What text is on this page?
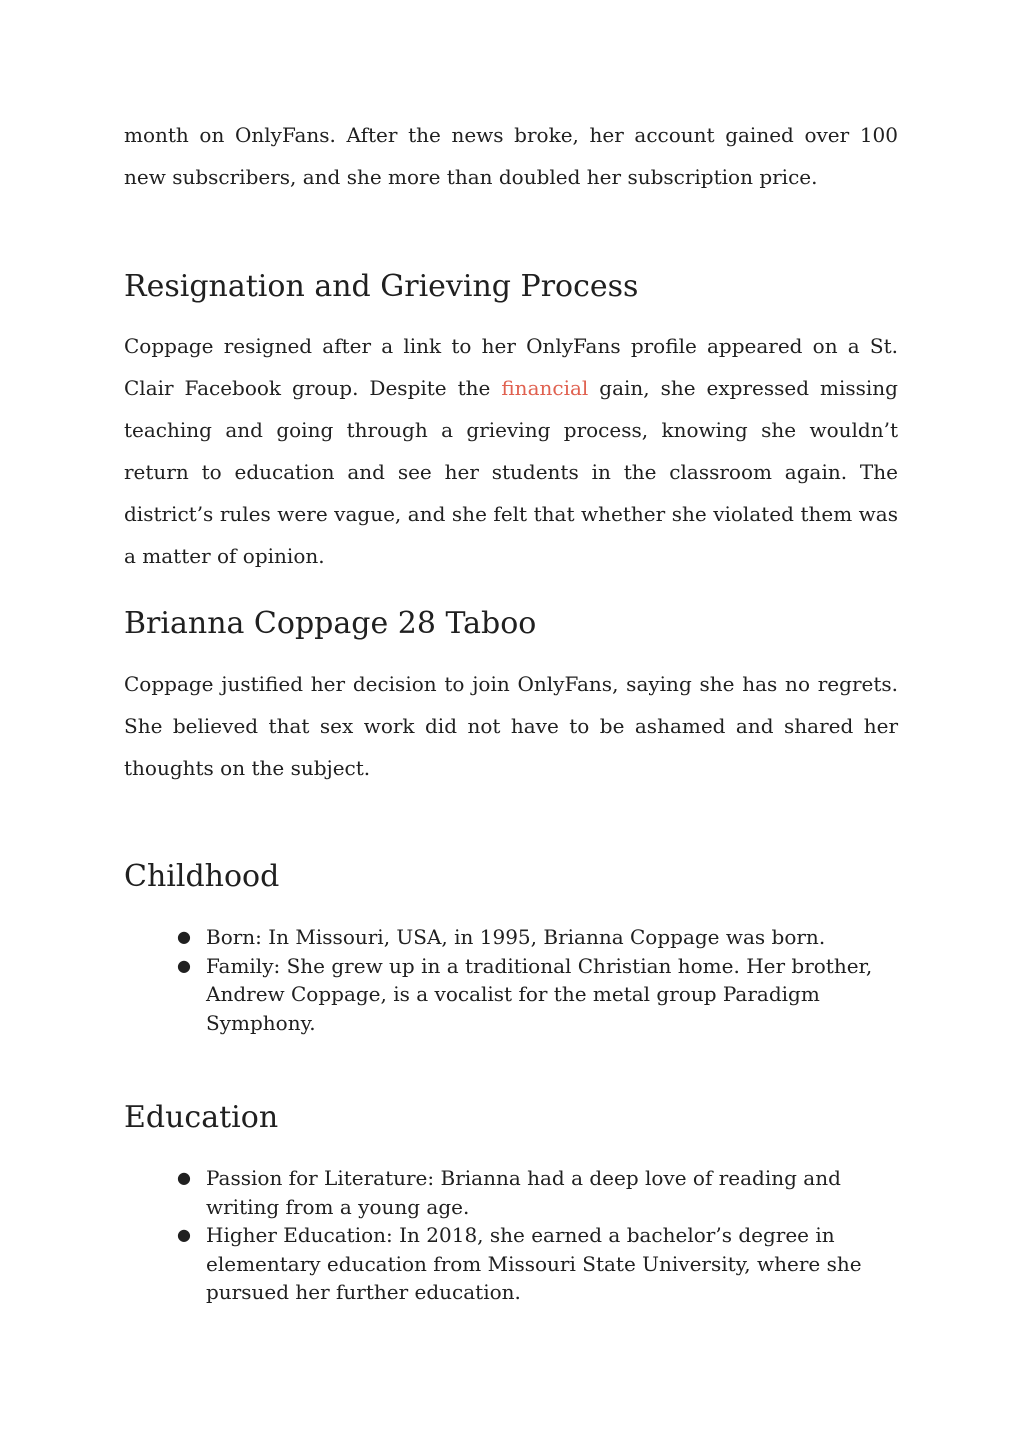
month on OnlyFans. After the news broke, her account gained over 100 new subscribers, and she more than doubled her subscription price.

Resignation and Grieving Process

Coppage resigned after a link to her OnlyFans profile appeared on a St. Clair Facebook group. Despite the financial gain, she expressed missing teaching and going through a grieving process, knowing she wouldn’t return to education and see her students in the classroom again. The district’s rules were vague, and she felt that whether she violated them was a matter of opinion.

Brianna Coppage 28 Taboo

Coppage justified her decision to join OnlyFans, saying she has no regrets. She believed that sex work did not have to be ashamed and shared her thoughts on the subject.

Childhood
● Born: In Missouri, USA, in 1995, Brianna Coppage was born.
● Family: She grew up in a traditional Christian home. Her brother, Andrew Coppage, is a vocalist for the metal group Paradigm Symphony.
Education
● Passion for Literature: Brianna had a deep love of reading and writing from a young age.
● Higher Education: In 2018, she earned a bachelor’s degree in elementary education from Missouri State University, where she pursued her further education.
